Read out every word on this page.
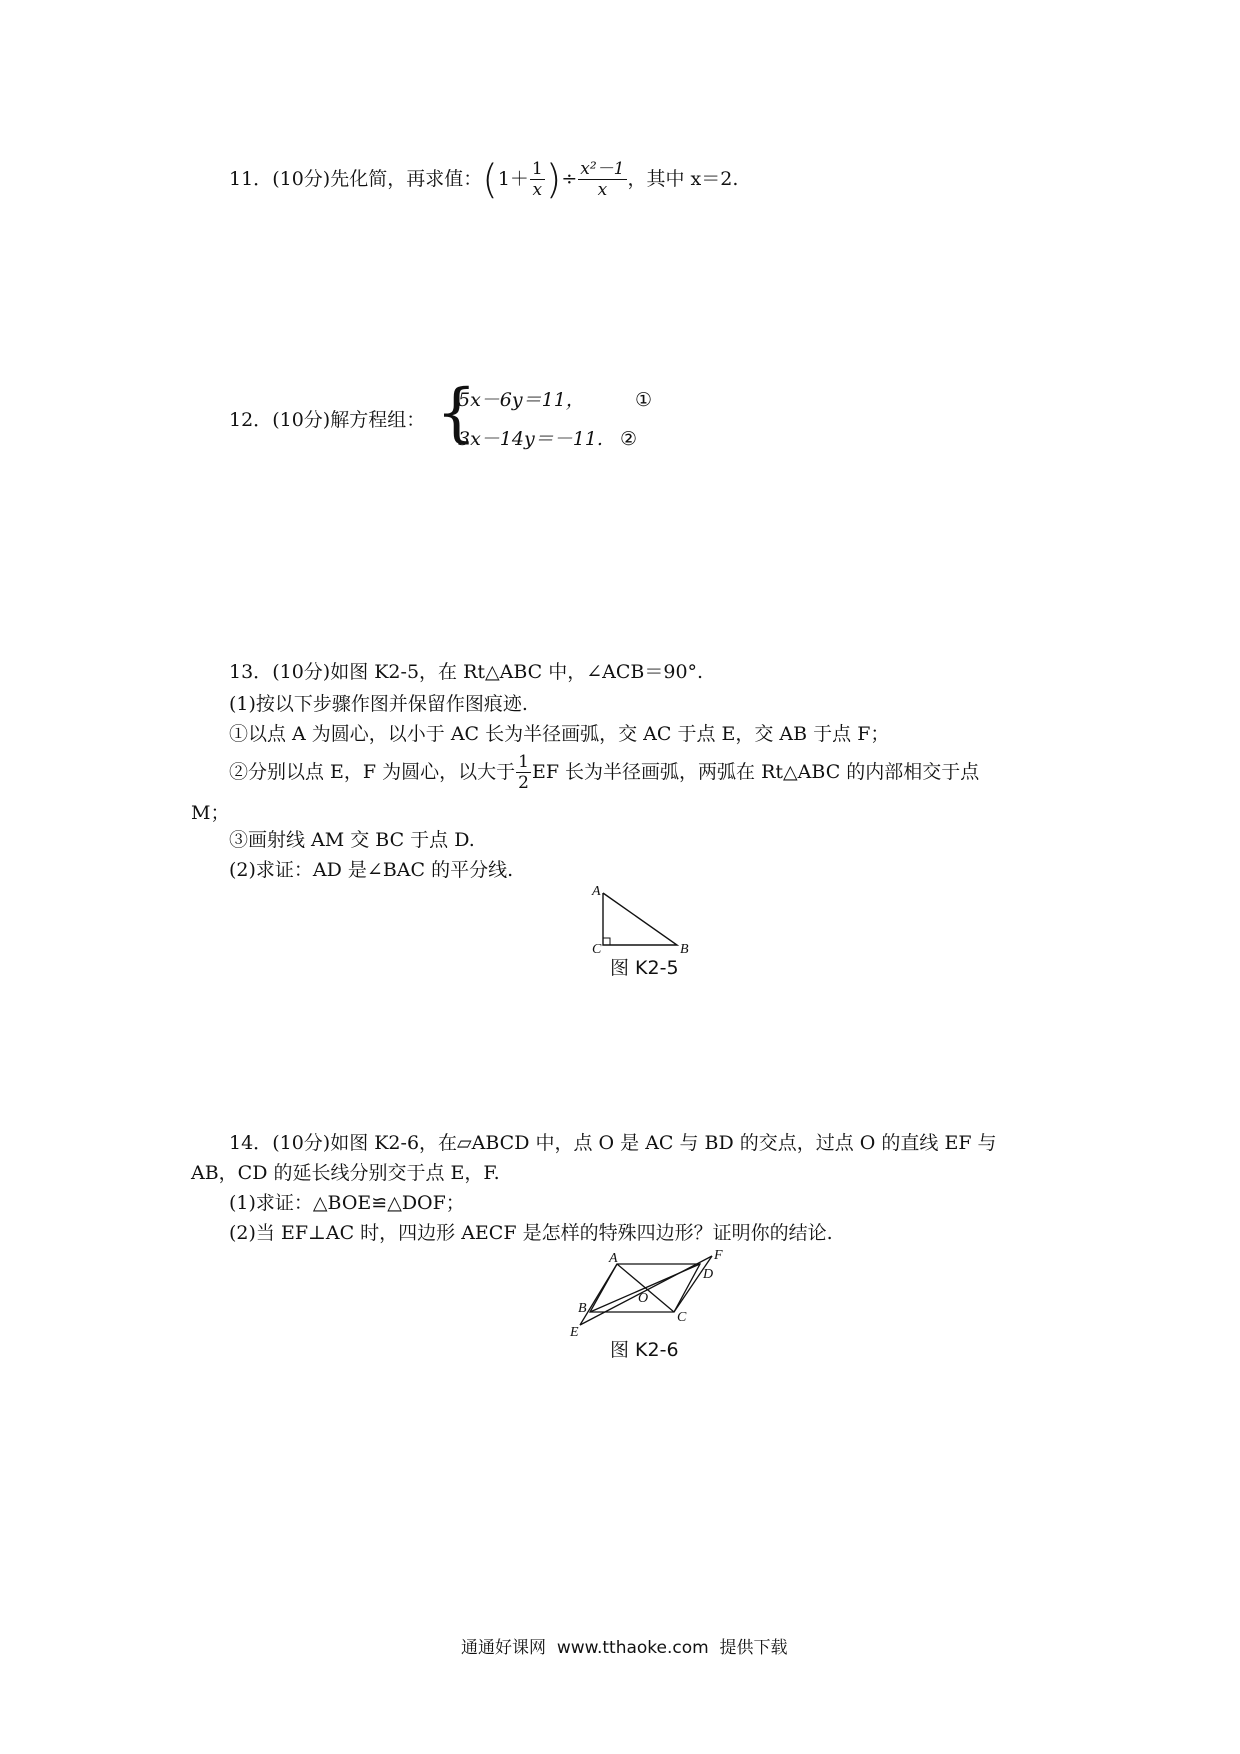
11．(10分)先化简，再求值：($1+ \frac{1}{x}$ )÷ $\frac{\text{x²－1}}{x}$ ，其中 x＝2.
12．(10分)解方程组： {
5x－6y＝11，	①
3x－14y＝－11. ②
13．(10分)如图 K2-5，在 Rt△ABC 中，∠ACB＝90°.
(1)按以下步骤作图并保留作图痕迹.
①以点 A 为圆心，以小于 AC 长为半径画弧，交 AC 于点 E，交 AB 于点 F；
②分别以点 E，F 为圆心，以大于 $\frac{1}{2}$ EF 长为半径画弧，两弧在 Rt△ABC 的内部相交于点
M；
③画射线 AM 交 BC 于点 D.
(2)求证：AD 是∠BAC 的平分线.
A
C	B
图 K2-5
14．(10分)如图 K2-6，在▱ABCD 中，点 O 是 AC 与 BD 的交点，过点 O 的直线 EF 与
AB，CD 的延长线分别交于点 E，F.
(1)求证：△BOE≌△DOF；
(2)当 EF⊥AC 时，四边形 AECF 是怎样的特殊四边形？证明你的结论.
A	F
D
O
B
C
E
图 K2-6
通通好课网 www.tthaoke.com 提供下载
